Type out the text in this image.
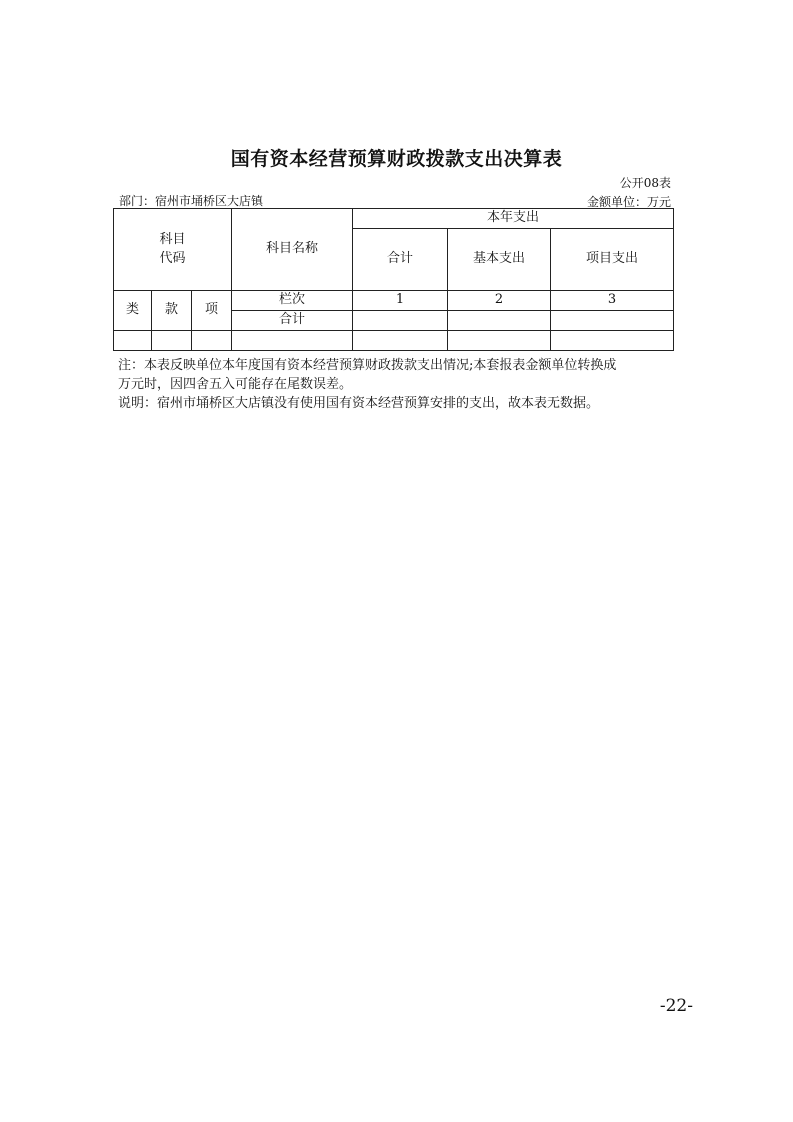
国有资本经营预算财政拨款支出决算表
公开08表
部门：宿州市埇桥区大店镇	金额单位：万元
科目
代码			科目名称	本年支出		
				合计	基本支出	项目支出
类	款	项	栏次	1	2	3
			合计			

注：本表反映单位本年度国有资本经营预算财政拨款支出情况;本套报表金额单位转换成

万元时，因四舍五入可能存在尾数误差。

说明：宿州市埇桥区大店镇没有使用国有资本经营预算安排的支出，故本表无数据。

-22-
